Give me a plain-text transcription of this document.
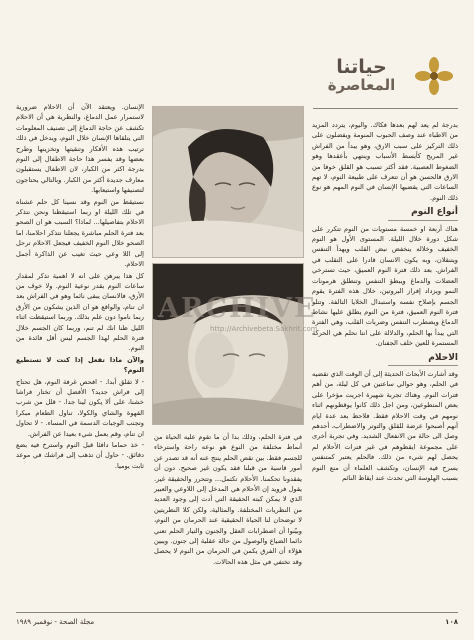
حياتنا
المعاصرة

بدرجة لم يعد لهم بعدها فكاك. واليوم، يتردد المزيد من الاطباء عند وصف الحبوب المنومة ويفضلون على ذلك التركيز على سبب الارق، وهو يبدأ من الفراش غير المريح كأبسط الأسباب وينتهي بأعقدها وهو الضغوط العصبية. فقد أكثر تسبب هو القلق خوفا من الارق فالحسن هو أن تتعرف على طبيعة النوم، لا تهم الساعات التي يقضيها الإنسان في النوم المهم هو نوع ذلك النوم.

أنواع النوم

هناك أربعة او خمسة مستويات من النوم تتكرر على شكل دورة خلال الليلة. المستوى الأول هو النوم الخفيف وخلاله ينخفض نبض القلب ويهدأ التنفس ويتنقلان، وبه يكون الانسان قادرا على التقلب في الفراش. بعد ذلك فترة النوم العميق، حيث تسترخي العضلات والدماغ ويبطؤ التنفس وتنطلق هرمونات النمو ويزداد إفراز البروتين، خلال هذه الفترة يقوم الجسم بإصلاح نفسه واستبدال الخلايا التالفة. وتتلو فترة النوم العميق، فترة من النوم يطلق عليها نشاط الدماغ ويضطرب التنفس وضربات القلب، وهي الفترة التي يبدأ بها الحلم، والدلالة على انتا نحلم هي الحركة المستمرة للعين خلف الجفنان.

الاحلام

وقد أشارت الأبحاث الحديثة إلى أن الوقت الذي تقضيه في الحلم، وهو حوالي ساعتين في كل ليلة، من أهم فترات النوم. وهناك تجربة شهيرة اجريت مؤخرا على بعض المتطوعين، ومن اجل ذلك كانوا يوقظونهم اثناء نومهم في وقت الاحلام فقط. فلاحظ بعد عدة ايام أنهم أصبحوا عرضة للقلق والتوتر والاضطراب، أحدهم وصل الى حالة من الانفعال الشديد. وفي تجربة أخرى على مجموعة ايقظوهم في غير فترات الأحلام لم يحصل لهم شيء من ذلك. فالحلم يعتبر كمتنفس يسرح فيه الإنسان، وتكشف العلماء أن منع النوم بسبب الهلوسة التي تحدث عند ايقاظ النائم

ARCHIVE
http://Archivebeta.Sakhrit.com

في فترة الحلم، وذلك بدا أن ما تقوم عليه الحياة من أنماط مختلفة من النوع هو نوعه راحة واسترخاء للجسم فقط. بين نقص الحلم ينتج عنه أنه قد تصدر عن أمور قاسية من قبلنا فقد يكون غير صحيح. دون أن يفقدونا تحكمنا. الأحلام تكتمل... وتتحرر والحقيقة غير. يقول فرويد إن الأحلام هي المدخل إلى اللاوعي والعبير الذي لا يمكن كبته الحقيقة التي أدت إلى وجود العديد من النظريات المختلفة. والمثالية، ولكن كلا النظريتين لا توضحان لنا الحياة الحقيقية عند الحرمان من النوم، وبيّنوا أن اضطرابات العقل والجنون والتيار الحلم تعني دائما الضياع والوصول من حالة عقلية إلى جنون. ويبين هؤلاء أن الفرق يكمن في الحرمان من النوم لا يحصل وقد تختفي في مثل هذه الحالات.

الإنسان. ويعتقد الآن أن الاحلام ضرورية لاستمرار عمل الدماغ، والنظرية هي أن الاحلام تكشف عن حاجة الدماغ إلى تصنيف المعلومات التي يتلقاها الإنسان خلال النوم، ويدخل في ذلك ترتيب هذه الأفكار وتنقيتها وتخزينها وطرح بعضها وقد يفسر هذا حاجة الاطفال إلى النوم بدرجة اكثر من الكبار، لان الاطفال يستقبلون معارف جديدة أكثر من الكبار. وبالتالي يحتاجون لتصنيفها واستيعابها.

نستيقظ من النوم وقد نسينا كل حلم عشناه في تلك الليلة او ربما استيقظنا ونحن نتذكر الاحلام بتفاصيلها... لماذا؟ السبب هو ان الصحو بعد فترة الحلم مباشرة يجعلنا نتذكر احلامنا، اما الصحو خلال النوم الخفيف فيجعل الاحلام ترحل إلى اللا وعي حيث تغيب عن الذاكرة أجمل الاحلام.

كل هذا يبرهن على انه لا اهمية تذكر لمقدار ساعات النوم بقدر نوعية النوم. ولا خوف من الأرق، فالانسان يبقى نائما وهو في الفراش بعد ان تنام، والواقع هو ان الذين يشكون من الأرق ربما ناموا دون علم بذلك. وربما استيقظت اثناء الليل ظنا انك لم تنم، وربما كان الجسم خلال فترة الحلم لهذا الجسم ليس أقل فائدة من النوم.

والآن ماذا تفعل إذا كنت لا تستطيع النوم؟

- لا تقلق أبدا. - افحص غرفة النوم، هل تحتاج إلى فراش جديد؟ الأفضل أن تختار فراشا خشنا، على ألا يكون لينا جدا. - قلل من شرب القهوة والشاي والكولا، تناول الطعام مبكرا وتجنب الوجبات الدسمة في المساء. - لا تحاول ان تنام، وقم بعمل شيء بعيدا عن الفراش.

- خذ حماما دافئا قبل النوم واسترخ فيه بضع دقائق. - حاول أن تذهب إلى فراشك في موعد ثابت يوميا.

١٠٨
مجلة الصحة - نوفمبر ١٩٨٩
